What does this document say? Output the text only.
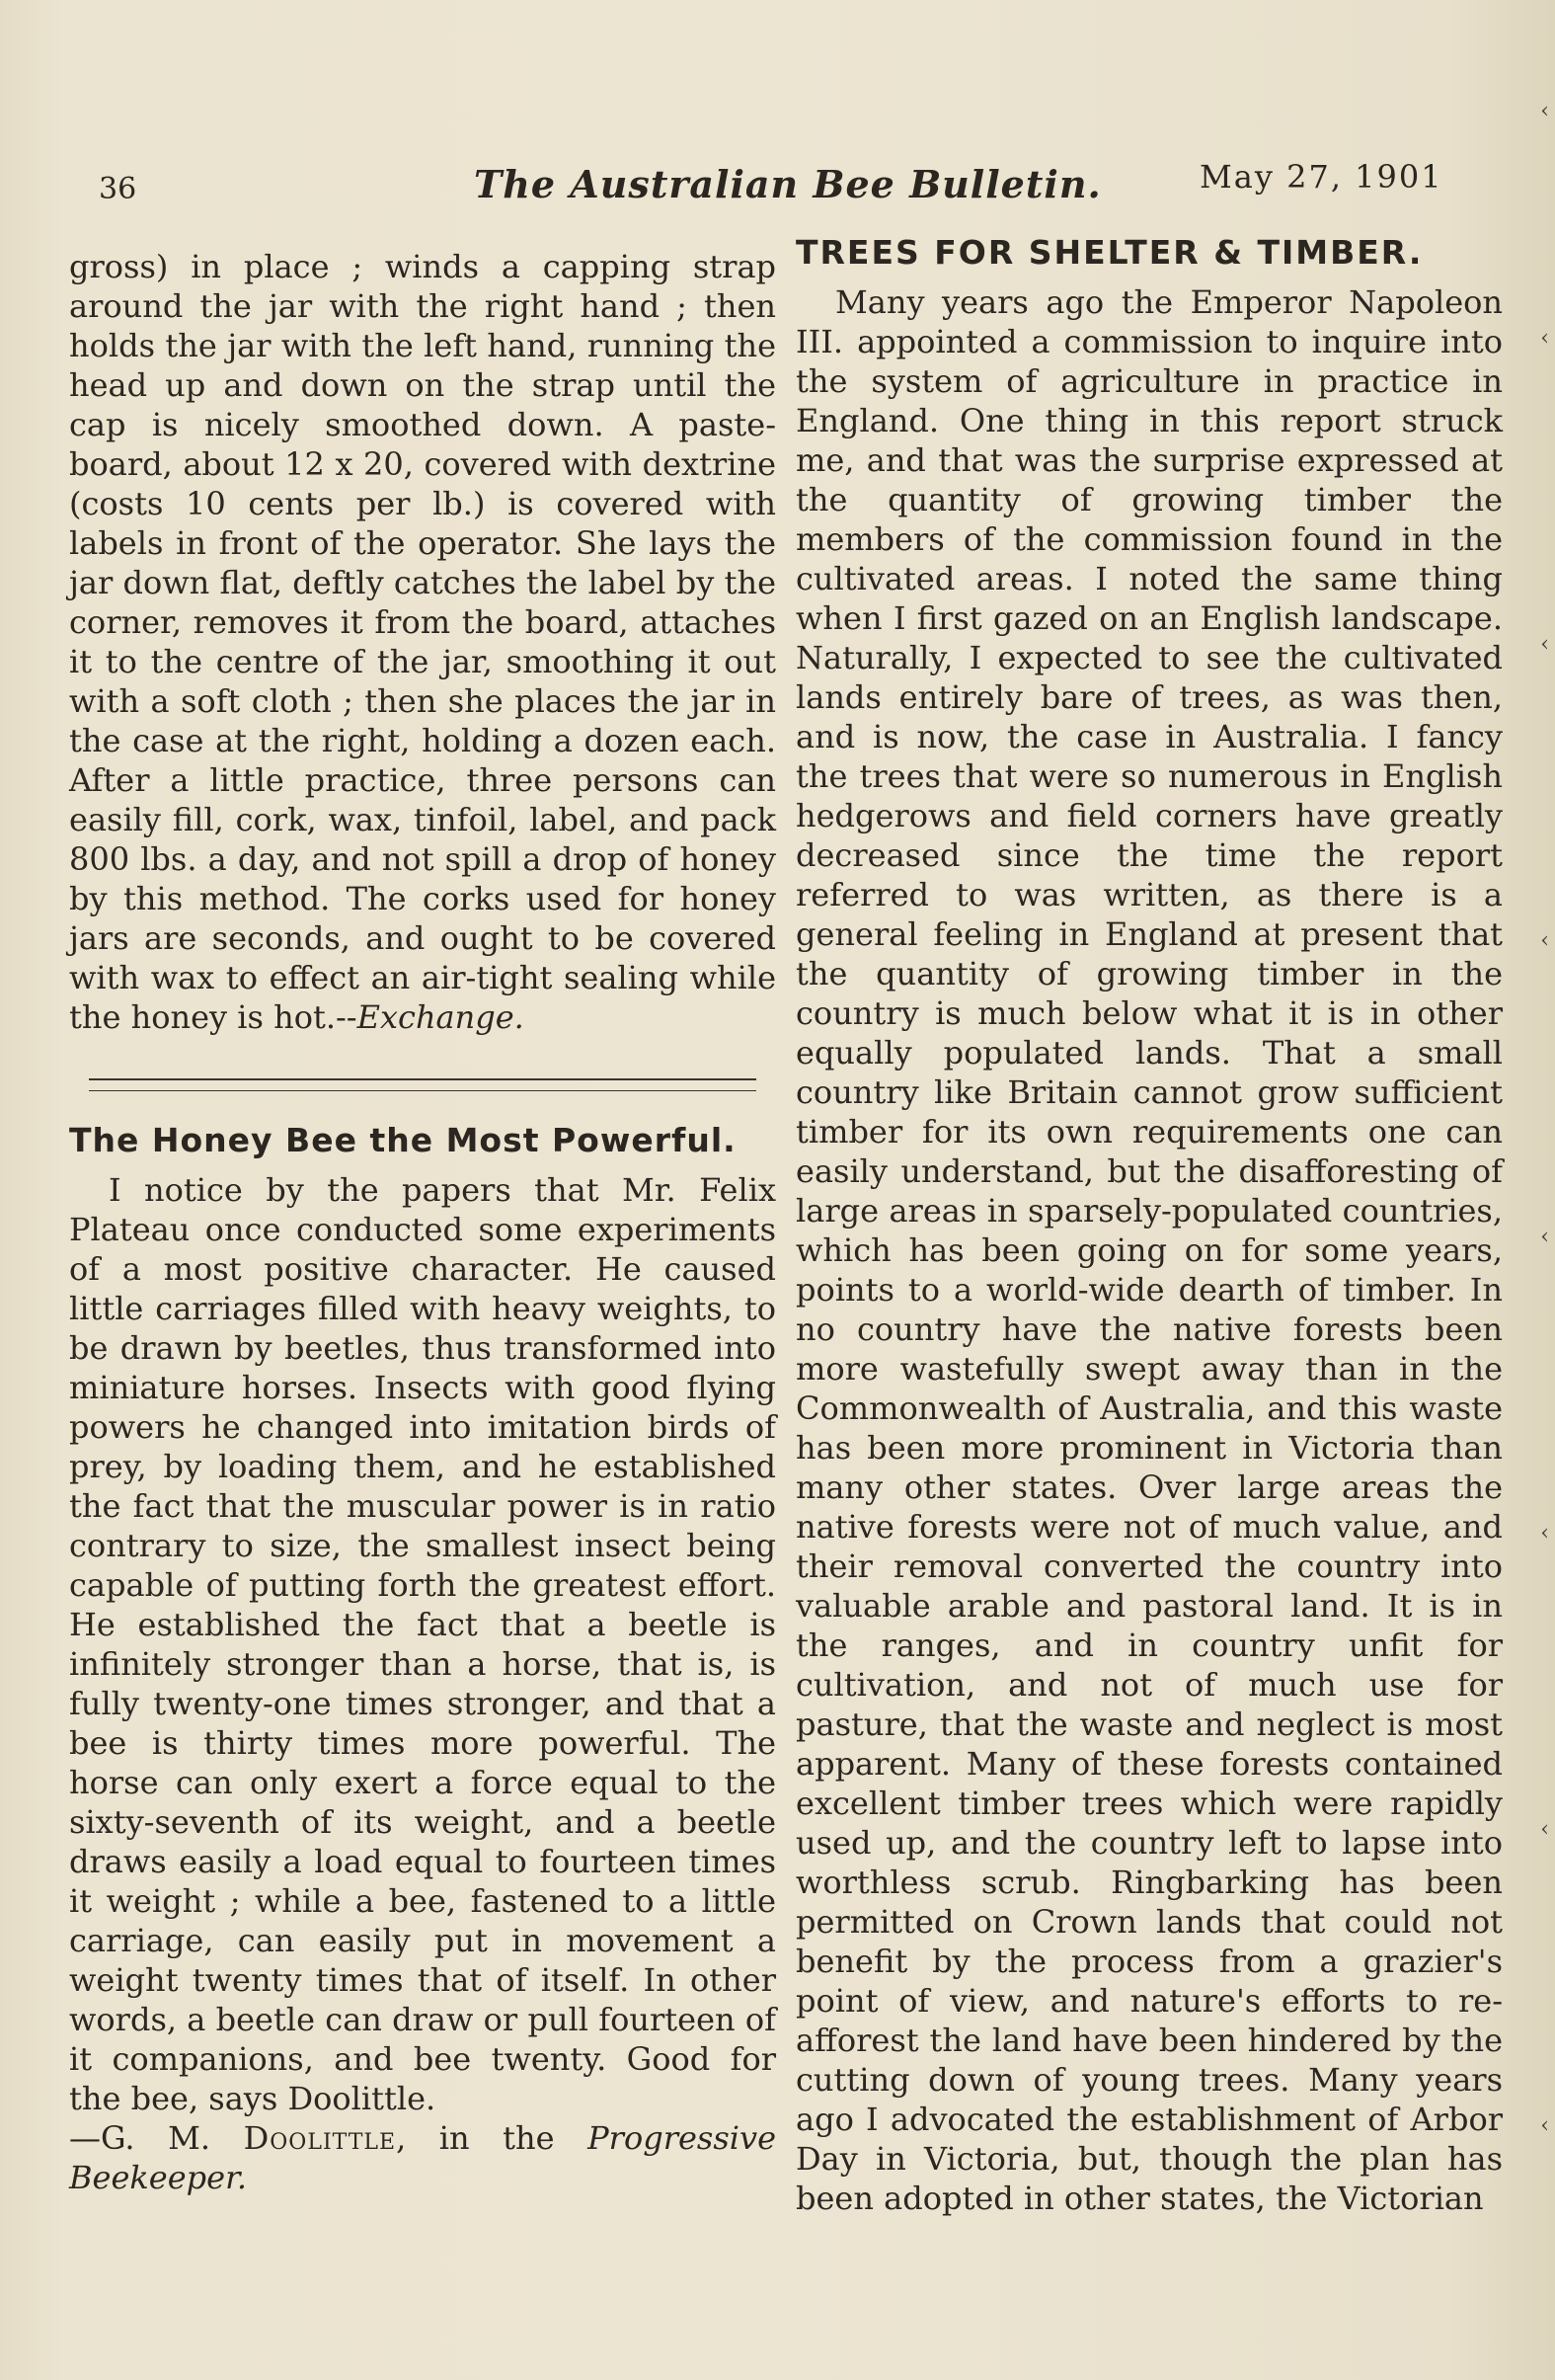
36	The Australian Bee Bulletin.	May 27, 1901

gross) in place ; winds a capping strap around the jar with the right hand ; then holds the jar with the left hand, running the head up and down on the strap until the cap is nicely smoothed down. A paste-board, about 12 x 20, covered with dextrine (costs 10 cents per lb.) is covered with labels in front of the operator. She lays the jar down flat, deftly catches the label by the corner, removes it from the board, attaches it to the centre of the jar, smoothing it out with a soft cloth ; then she places the jar in the case at the right, holding a dozen each. After a little practice, three persons can easily fill, cork, wax, tinfoil, label, and pack 800 lbs. a day, and not spill a drop of honey by this method. The corks used for honey jars are seconds, and ought to be covered with wax to effect an air-tight sealing while the honey is hot.--Exchange.

The Honey Bee the Most Powerful.

I notice by the papers that Mr. Felix Plateau once conducted some experiments of a most positive character. He caused little carriages filled with heavy weights, to be drawn by beetles, thus transformed into miniature horses. Insects with good flying powers he changed into imitation birds of prey, by loading them, and he established the fact that the muscular power is in ratio contrary to size, the smallest insect being capable of putting forth the greatest effort. He established the fact that a beetle is infinitely stronger than a horse, that is, is fully twenty-one times stronger, and that a bee is thirty times more powerful. The horse can only exert a force equal to the sixty-seventh of its weight, and a beetle draws easily a load equal to fourteen times it weight ; while a bee, fastened to a little carriage, can easily put in movement a weight twenty times that of itself. In other words, a beetle can draw or pull fourteen of it companions, and bee twenty. Good for the bee, says Doolittle.

—G. M. Doolittle, in the Progressive Beekeeper.

TREES FOR SHELTER & TIMBER.

Many years ago the Emperor Napoleon III. appointed a commission to inquire into the system of agriculture in practice in England. One thing in this report struck me, and that was the surprise expressed at the quantity of growing timber the members of the commission found in the cultivated areas. I noted the same thing when I first gazed on an English landscape. Naturally, I expected to see the cultivated lands entirely bare of trees, as was then, and is now, the case in Australia. I fancy the trees that were so numerous in English hedgerows and field corners have greatly decreased since the time the report referred to was written, as there is a general feeling in England at present that the quantity of growing timber in the country is much below what it is in other equally populated lands. That a small country like Britain cannot grow sufficient timber for its own requirements one can easily understand, but the disafforesting of large areas in sparsely-populated countries, which has been going on for some years, points to a world-wide dearth of timber. In no country have the native forests been more wastefully swept away than in the Commonwealth of Australia, and this waste has been more prominent in Victoria than many other states. Over large areas the native forests were not of much value, and their removal converted the country into valuable arable and pastoral land. It is in the ranges, and in country unfit for cultivation, and not of much use for pasture, that the waste and neglect is most apparent. Many of these forests contained excellent timber trees which were rapidly used up, and the country left to lapse into worthless scrub. Ringbarking has been permitted on Crown lands that could not benefit by the process from a grazier's point of view, and nature's efforts to re-afforest the land have been hindered by the cutting down of young trees. Many years ago I advocated the establishment of Arbor Day in Victoria, but, though the plan has been adopted in other states, the Victorian

‹
‹
‹
‹
‹
‹
‹
‹
